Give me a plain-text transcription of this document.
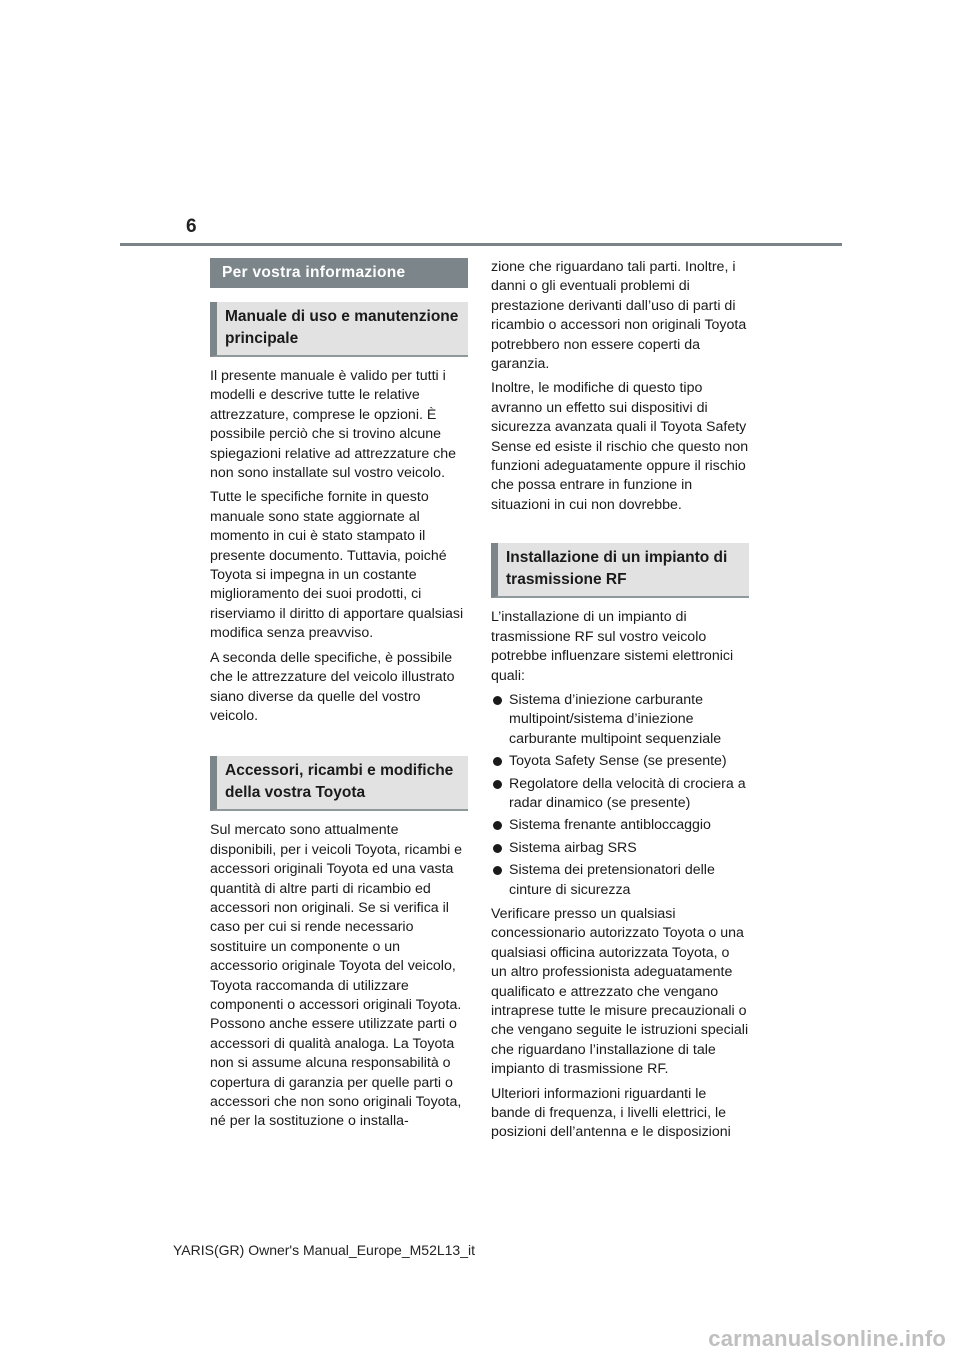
6
Per vostra informazione
Manuale di uso e manutenzione principale

Il presente manuale è valido per tutti i modelli e descrive tutte le relative attrezzature, comprese le opzioni. È possibile perciò che si trovino alcune spiegazioni relative ad attrezzature che non sono installate sul vostro veicolo.

Tutte le specifiche fornite in questo manuale sono state aggiornate al momento in cui è stato stampato il presente documento. Tuttavia, poiché Toyota si impegna in un costante miglioramento dei suoi prodotti, ci riserviamo il diritto di apportare qualsiasi modifica senza preavviso.

A seconda delle specifiche, è possibile che le attrezzature del veicolo illustrato siano diverse da quelle del vostro veicolo.

Accessori, ricambi e modifiche della vostra Toyota

Sul mercato sono attualmente disponibili, per i veicoli Toyota, ricambi e accessori originali Toyota ed una vasta quantità di altre parti di ricambio ed accessori non originali. Se si verifica il caso per cui si rende necessario sostituire un componente o un accessorio originale Toyota del veicolo, Toyota raccomanda di utilizzare componenti o accessori originali Toyota. Possono anche essere utilizzate parti o accessori di qualità analoga. La Toyota non si assume alcuna responsabilità o copertura di garanzia per quelle parti o accessori che non sono originali Toyota, né per la sostituzione o installa-

zione che riguardano tali parti. Inoltre, i danni o gli eventuali problemi di prestazione derivanti dall’uso di parti di ricambio o accessori non originali Toyota potrebbero non essere coperti da garanzia.

Inoltre, le modifiche di questo tipo avranno un effetto sui dispositivi di sicurezza avanzata quali il Toyota Safety Sense ed esiste il rischio che questo non funzioni adeguatamente oppure il rischio che possa entrare in funzione in situazioni in cui non dovrebbe.

Installazione di un impianto di trasmissione RF

L’installazione di un impianto di trasmissione RF sul vostro veicolo potrebbe influenzare sistemi elettronici quali:

Sistema d’iniezione carburante multipoint/sistema d’iniezione carburante multipoint sequenziale
Toyota Safety Sense (se presente)
Regolatore della velocità di crociera a radar dinamico (se presente)
Sistema frenante antibloccaggio
Sistema airbag SRS
Sistema dei pretensionatori delle cinture di sicurezza

Verificare presso un qualsiasi concessionario autorizzato Toyota o una qualsiasi officina autorizzata Toyota, o un altro professionista adeguatamente qualificato e attrezzato che vengano intraprese tutte le misure precauzionali o che vengano seguite le istruzioni speciali che riguardano l’installazione di tale impianto di trasmissione RF.

Ulteriori informazioni riguardanti le bande di frequenza, i livelli elettrici, le posizioni dell’antenna e le disposizioni

YARIS(GR) Owner's Manual_Europe_M52L13_it
carmanualsonline.info
